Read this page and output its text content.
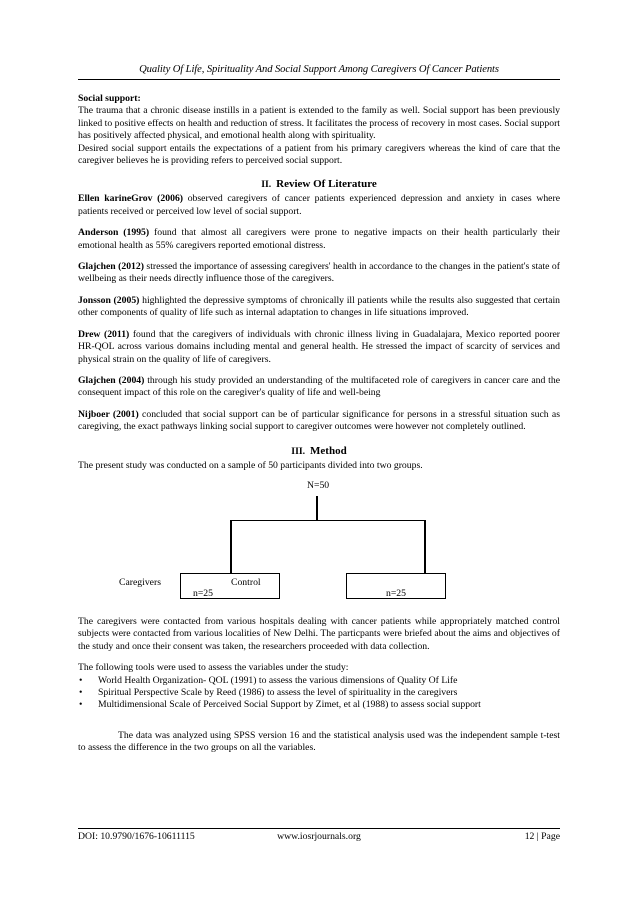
Quality Of Life, Spirituality And Social Support Among Caregivers Of Cancer Patients
Social support:

The trauma that a chronic disease instills in a patient is extended to the family as well. Social support has been previously linked to positive effects on health and reduction of stress. It facilitates the process of recovery in most cases. Social support has positively affected physical, and emotional health along with spirituality.

Desired social support entails the expectations of a patient from his primary caregivers whereas the kind of care that the caregiver believes he is providing refers to perceived social support.

II. Review Of Literature

Ellen karineGrov (2006) observed caregivers of cancer patients experienced depression and anxiety in cases where patients received or perceived low level of social support.

Anderson (1995) found that almost all caregivers were prone to negative impacts on their health particularly their emotional health as 55% caregivers reported emotional distress.

Glajchen (2012) stressed the importance of assessing caregivers' health in accordance to the changes in the patient's state of wellbeing as their needs directly influence those of the caregivers.

Jonsson (2005) highlighted the depressive symptoms of chronically ill patients while the results also suggested that certain other components of quality of life such as internal adaptation to changes in life situations improved.

Drew (2011) found that the caregivers of individuals with chronic illness living in Guadalajara, Mexico reported poorer HR-QOL across various domains including mental and general health. He stressed the impact of scarcity of services and physical strain on the quality of life of caregivers.

Glajchen (2004) through his study provided an understanding of the multifaceted role of caregivers in cancer care and the consequent impact of this role on the caregiver's quality of life and well-being

Nijboer (2001) concluded that social support can be of particular significance for persons in a stressful situation such as caregiving, the exact pathways linking social support to caregiver outcomes were however not completely outlined.

III. Method

The present study was conducted on a sample of 50 participants divided into two groups.

N=50
Caregivers
n=25
Control
n=25

The caregivers were contacted from various hospitals dealing with cancer patients while appropriately matched control subjects were contacted from various localities of New Delhi. The particpants were briefed about the aims and objectives of the study and once their consent was taken, the researchers proceeded with data collection.

The following tools were used to assess the variables under the study:

• World Health Organization- QOL (1991) to assess the various dimensions of Quality Of Life
• Spiritual Perspective Scale by Reed (1986) to assess the level of spirituality in the caregivers
• Multidimensional Scale of Perceived Social Support by Zimet, et al (1988) to assess social support

The data was analyzed using SPSS version 16 and the statistical analysis used was the independent sample t-test to assess the difference in the two groups on all the variables.

DOI: 10.9790/1676-10611115	www.iosrjournals.org	12 | Page
